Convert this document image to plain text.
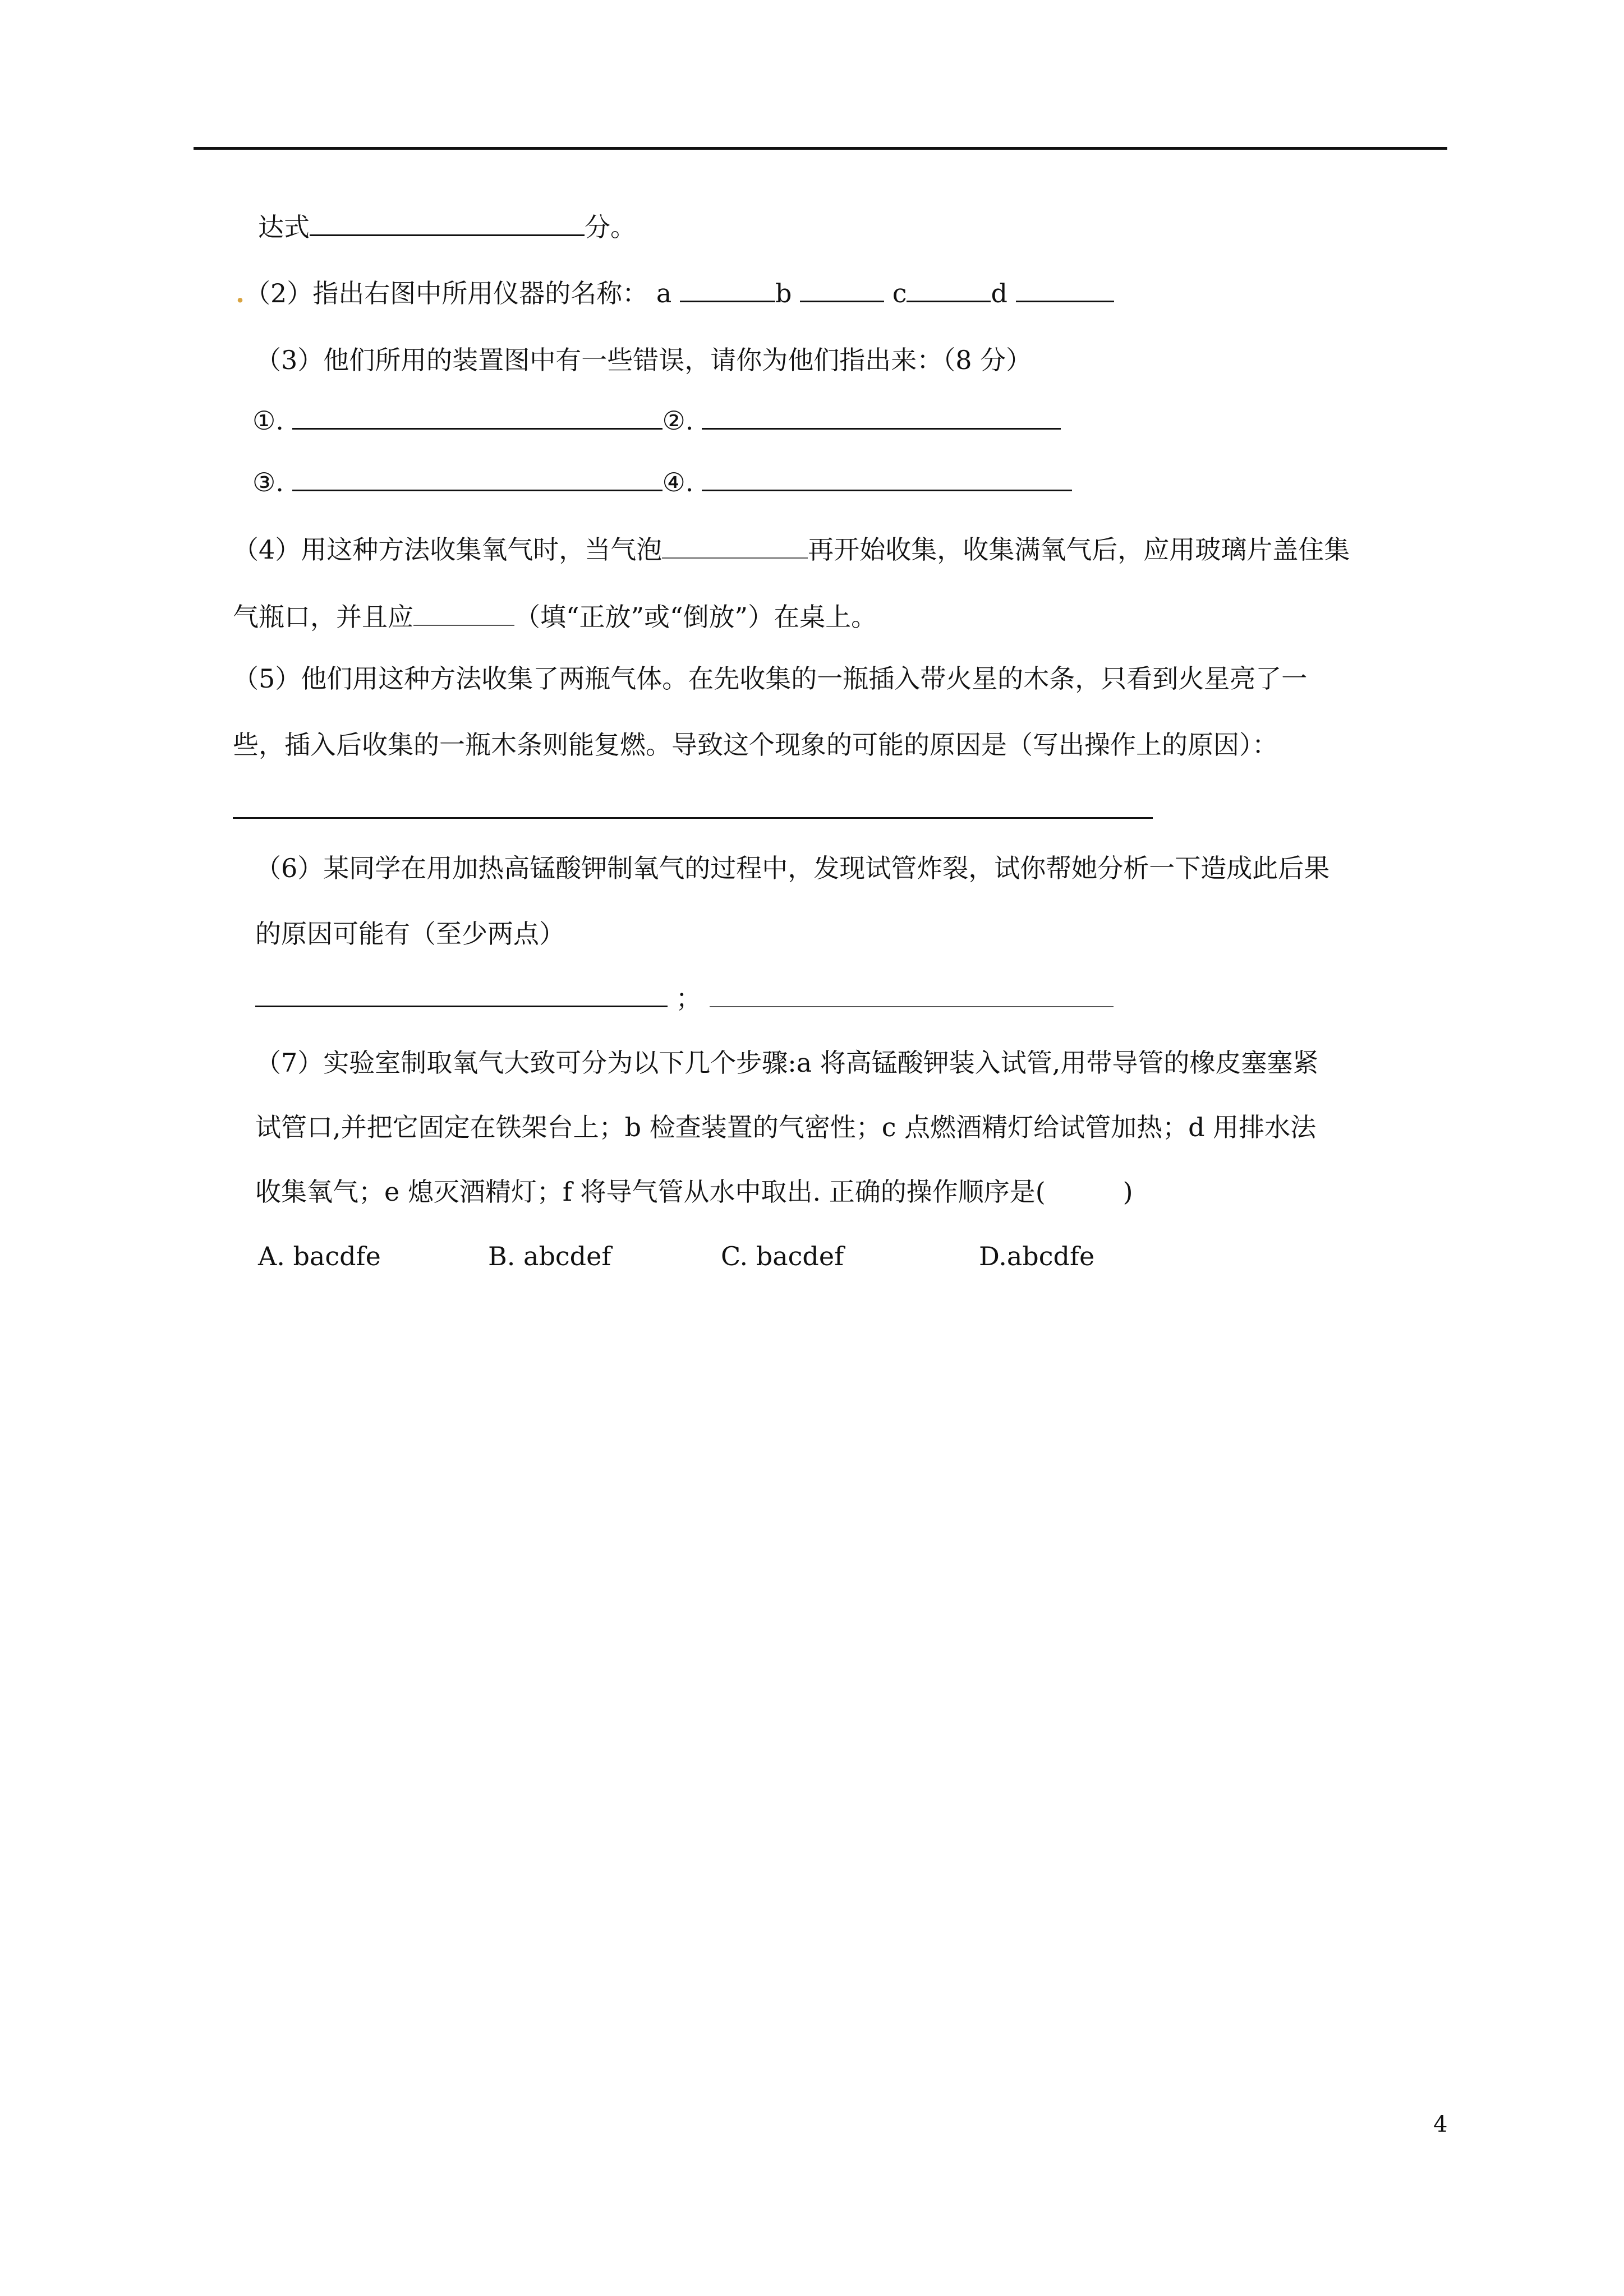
达式	分。
.（2）指出右图中所用仪器的名称： a	b	c	d
（3）他们所用的装置图中有一些错误，请你为他们指出来：（8 分）
①.	②.
③.	④.
（4）用这种方法收集氧气时，当气泡	再开始收集，收集满氧气后，应用玻璃片盖住集
气瓶口，并且应	（填“正放”或“倒放”）在桌上。
（5）他们用这种方法收集了两瓶气体。在先收集的一瓶插入带火星的木条，只看到火星亮了一
些，插入后收集的一瓶木条则能复燃。导致这个现象的可能的原因是（写出操作上的原因）：
（6）某同学在用加热高锰酸钾制氧气的过程中，发现试管炸裂，试你帮她分析一下造成此后果
的原因可能有（至少两点）
；
（7）实验室制取氧气大致可分为以下几个步骤:a 将高锰酸钾装入试管,用带导管的橡皮塞塞紧
试管口,并把它固定在铁架台上；b 检查装置的气密性；c 点燃酒精灯给试管加热；d 用排水法
收集氧气；e 熄灭酒精灯；f 将导气管从水中取出. 正确的操作顺序是(　　　)
A. bacdfe	B. abcdef	C. bacdef	D.abcdfe
4
